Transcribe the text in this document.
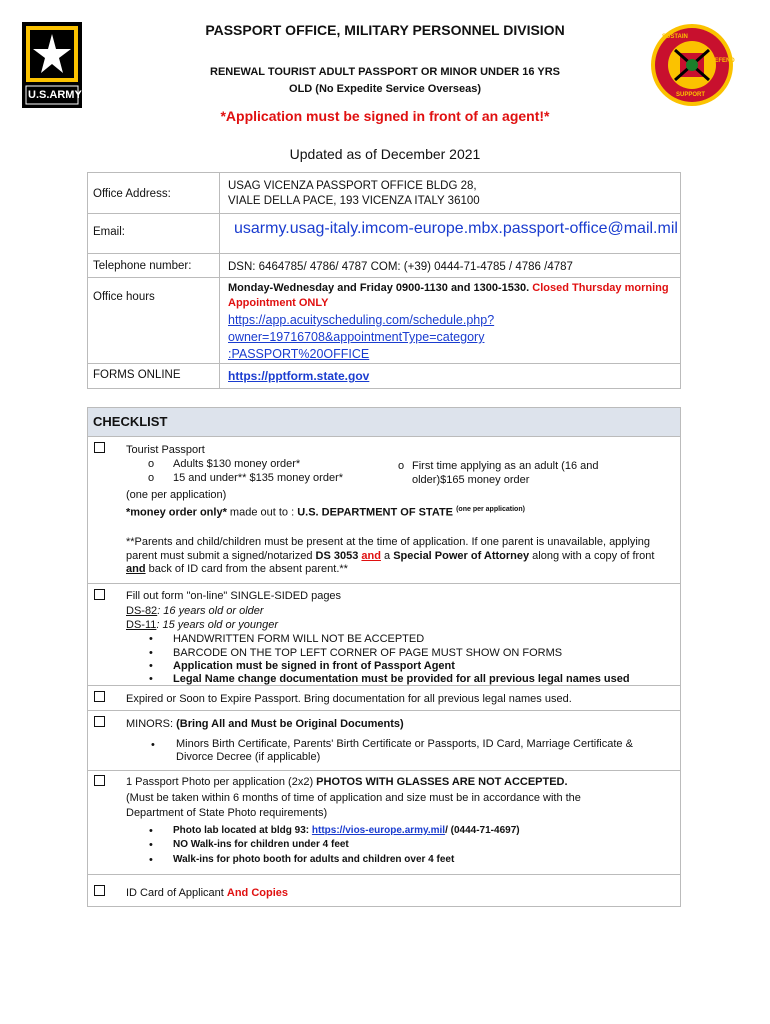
U.S.ARMY
SUSTAIN
SUPPORT
DEFEND
PASSPORT OFFICE, MILITARY PERSONNEL DIVISION
RENEWAL TOURIST ADULT PASSPORT OR MINOR UNDER 16 YRS
OLD (No Expedite Service Overseas)
*Application must be signed in front of an agent!*
Updated as of December 2021
Office Address:
USAG VICENZA PASSPORT OFFICE BLDG 28,
VIALE DELLA PACE, 193 VICENZA ITALY 36100
Email:	usarmy.usag-italy.imcom-europe.mbx.passport-office@mail.mil
Telephone number:	DSN: 6464785/ 4786/ 4787 COM: (+39) 0444-71-4785 / 4786 /4787
Office hours
Monday-Wednesday and Friday 0900-1130 and 1300-1530. Closed Thursday morning
Appointment ONLY
https://app.acuityscheduling.com/schedule.php?owner=19716708&appointmentType=category
:PASSPORT%20OFFICE
FORMS ONLINE	https://pptform.state.gov
CHECKLIST
Tourist Passport
o Adults $130 money order*
o 15 and under** $135 money order*
o First time applying as an adult (16 and
older)$165 money order
(one per application)
*money order only* made out to : U.S. DEPARTMENT OF STATE $^{(one per application)}$
**Parents and child/children must be present at the time of application. If one parent is unavailable, applying
parent must submit a signed/notarized DS 3053 and a Special Power of Attorney along with a copy of front
and back of ID card from the absent parent.**
Fill out form "on-line" SINGLE-SIDED pages
DS-82: 16 years old or older
DS-11: 15 years old or younger
• HANDWRITTEN FORM WILL NOT BE ACCEPTED
• BARCODE ON THE TOP LEFT CORNER OF PAGE MUST SHOW ON FORMS
• Application must be signed in front of Passport Agent
• Legal Name change documentation must be provided for all previous legal names used
Expired or Soon to Expire Passport. Bring documentation for all previous legal names used.
MINORS: (Bring All and Must be Original Documents)
• Minors Birth Certificate, Parents' Birth Certificate or Passports, ID Card, Marriage Certificate &
Divorce Decree (if applicable)
1 Passport Photo per application (2x2) PHOTOS WITH GLASSES ARE NOT ACCEPTED.
(Must be taken within 6 months of time of application and size must be in accordance with the
Department of State Photo requirements)
• Photo lab located at bldg 93: https://vios-europe.army.mil/ (0444-71-4697)
• NO Walk-ins for children under 4 feet
• Walk-ins for photo booth for adults and children over 4 feet
ID Card of Applicant And Copies
